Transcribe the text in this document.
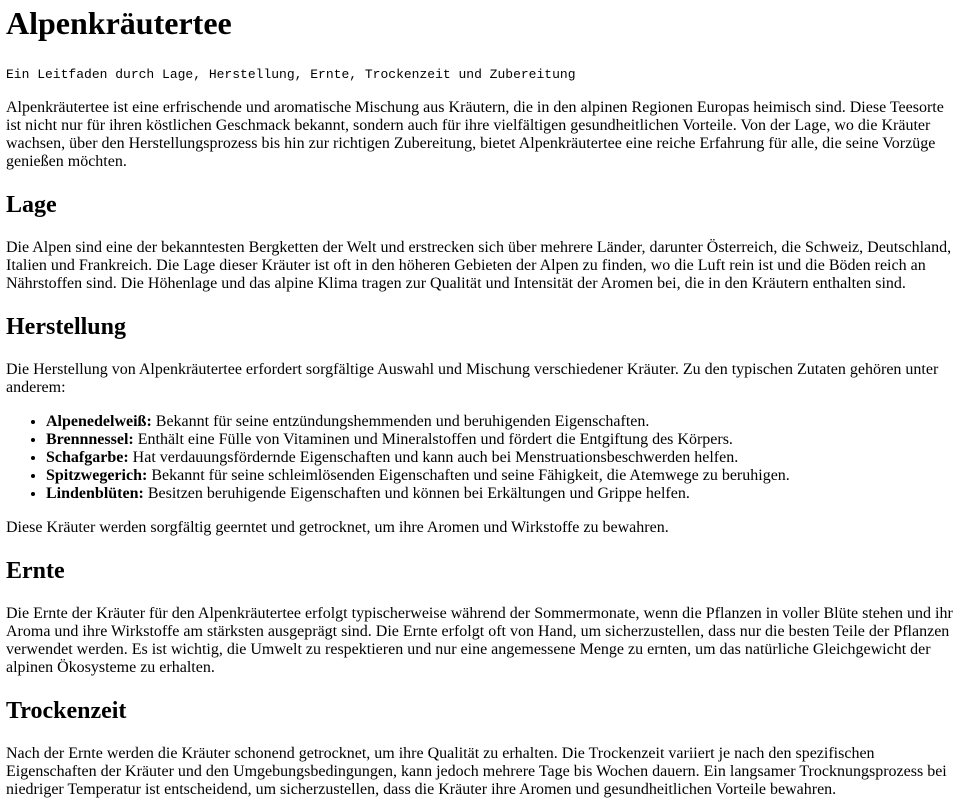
Alpenkräutertee
Ein Leitfaden durch Lage, Herstellung, Ernte, Trockenzeit und Zubereitung

Alpenkräutertee ist eine erfrischende und aromatische Mischung aus Kräutern, die in den alpinen Regionen Europas heimisch sind. Diese Teesorte ist nicht nur für ihren köstlichen Geschmack bekannt, sondern auch für ihre vielfältigen gesundheitlichen Vorteile. Von der Lage, wo die Kräuter wachsen, über den Herstellungsprozess bis hin zur richtigen Zubereitung, bietet Alpenkräutertee eine reiche Erfahrung für alle, die seine Vorzüge genießen möchten.

Lage

Die Alpen sind eine der bekanntesten Bergketten der Welt und erstrecken sich über mehrere Länder, darunter Österreich, die Schweiz, Deutschland, Italien und Frankreich. Die Lage dieser Kräuter ist oft in den höheren Gebieten der Alpen zu finden, wo die Luft rein ist und die Böden reich an Nährstoffen sind. Die Höhenlage und das alpine Klima tragen zur Qualität und Intensität der Aromen bei, die in den Kräutern enthalten sind.

Herstellung

Die Herstellung von Alpenkräutertee erfordert sorgfältige Auswahl und Mischung verschiedener Kräuter. Zu den typischen Zutaten gehören unter anderem:

• Alpenedelweiß: Bekannt für seine entzündungshemmenden und beruhigenden Eigenschaften.
• Brennnessel: Enthält eine Fülle von Vitaminen und Mineralstoffen und fördert die Entgiftung des Körpers.
• Schafgarbe: Hat verdauungsfördernde Eigenschaften und kann auch bei Menstruationsbeschwerden helfen.
• Spitzwegerich: Bekannt für seine schleimlösenden Eigenschaften und seine Fähigkeit, die Atemwege zu beruhigen.
• Lindenblüten: Besitzen beruhigende Eigenschaften und können bei Erkältungen und Grippe helfen.

Diese Kräuter werden sorgfältig geerntet und getrocknet, um ihre Aromen und Wirkstoffe zu bewahren.

Ernte

Die Ernte der Kräuter für den Alpenkräutertee erfolgt typischerweise während der Sommermonate, wenn die Pflanzen in voller Blüte stehen und ihr Aroma und ihre Wirkstoffe am stärksten ausgeprägt sind. Die Ernte erfolgt oft von Hand, um sicherzustellen, dass nur die besten Teile der Pflanzen verwendet werden. Es ist wichtig, die Umwelt zu respektieren und nur eine angemessene Menge zu ernten, um das natürliche Gleichgewicht der alpinen Ökosysteme zu erhalten.

Trockenzeit

Nach der Ernte werden die Kräuter schonend getrocknet, um ihre Qualität zu erhalten. Die Trockenzeit variiert je nach den spezifischen Eigenschaften der Kräuter und den Umgebungsbedingungen, kann jedoch mehrere Tage bis Wochen dauern. Ein langsamer Trocknungsprozess bei niedriger Temperatur ist entscheidend, um sicherzustellen, dass die Kräuter ihre Aromen und gesundheitlichen Vorteile bewahren.
